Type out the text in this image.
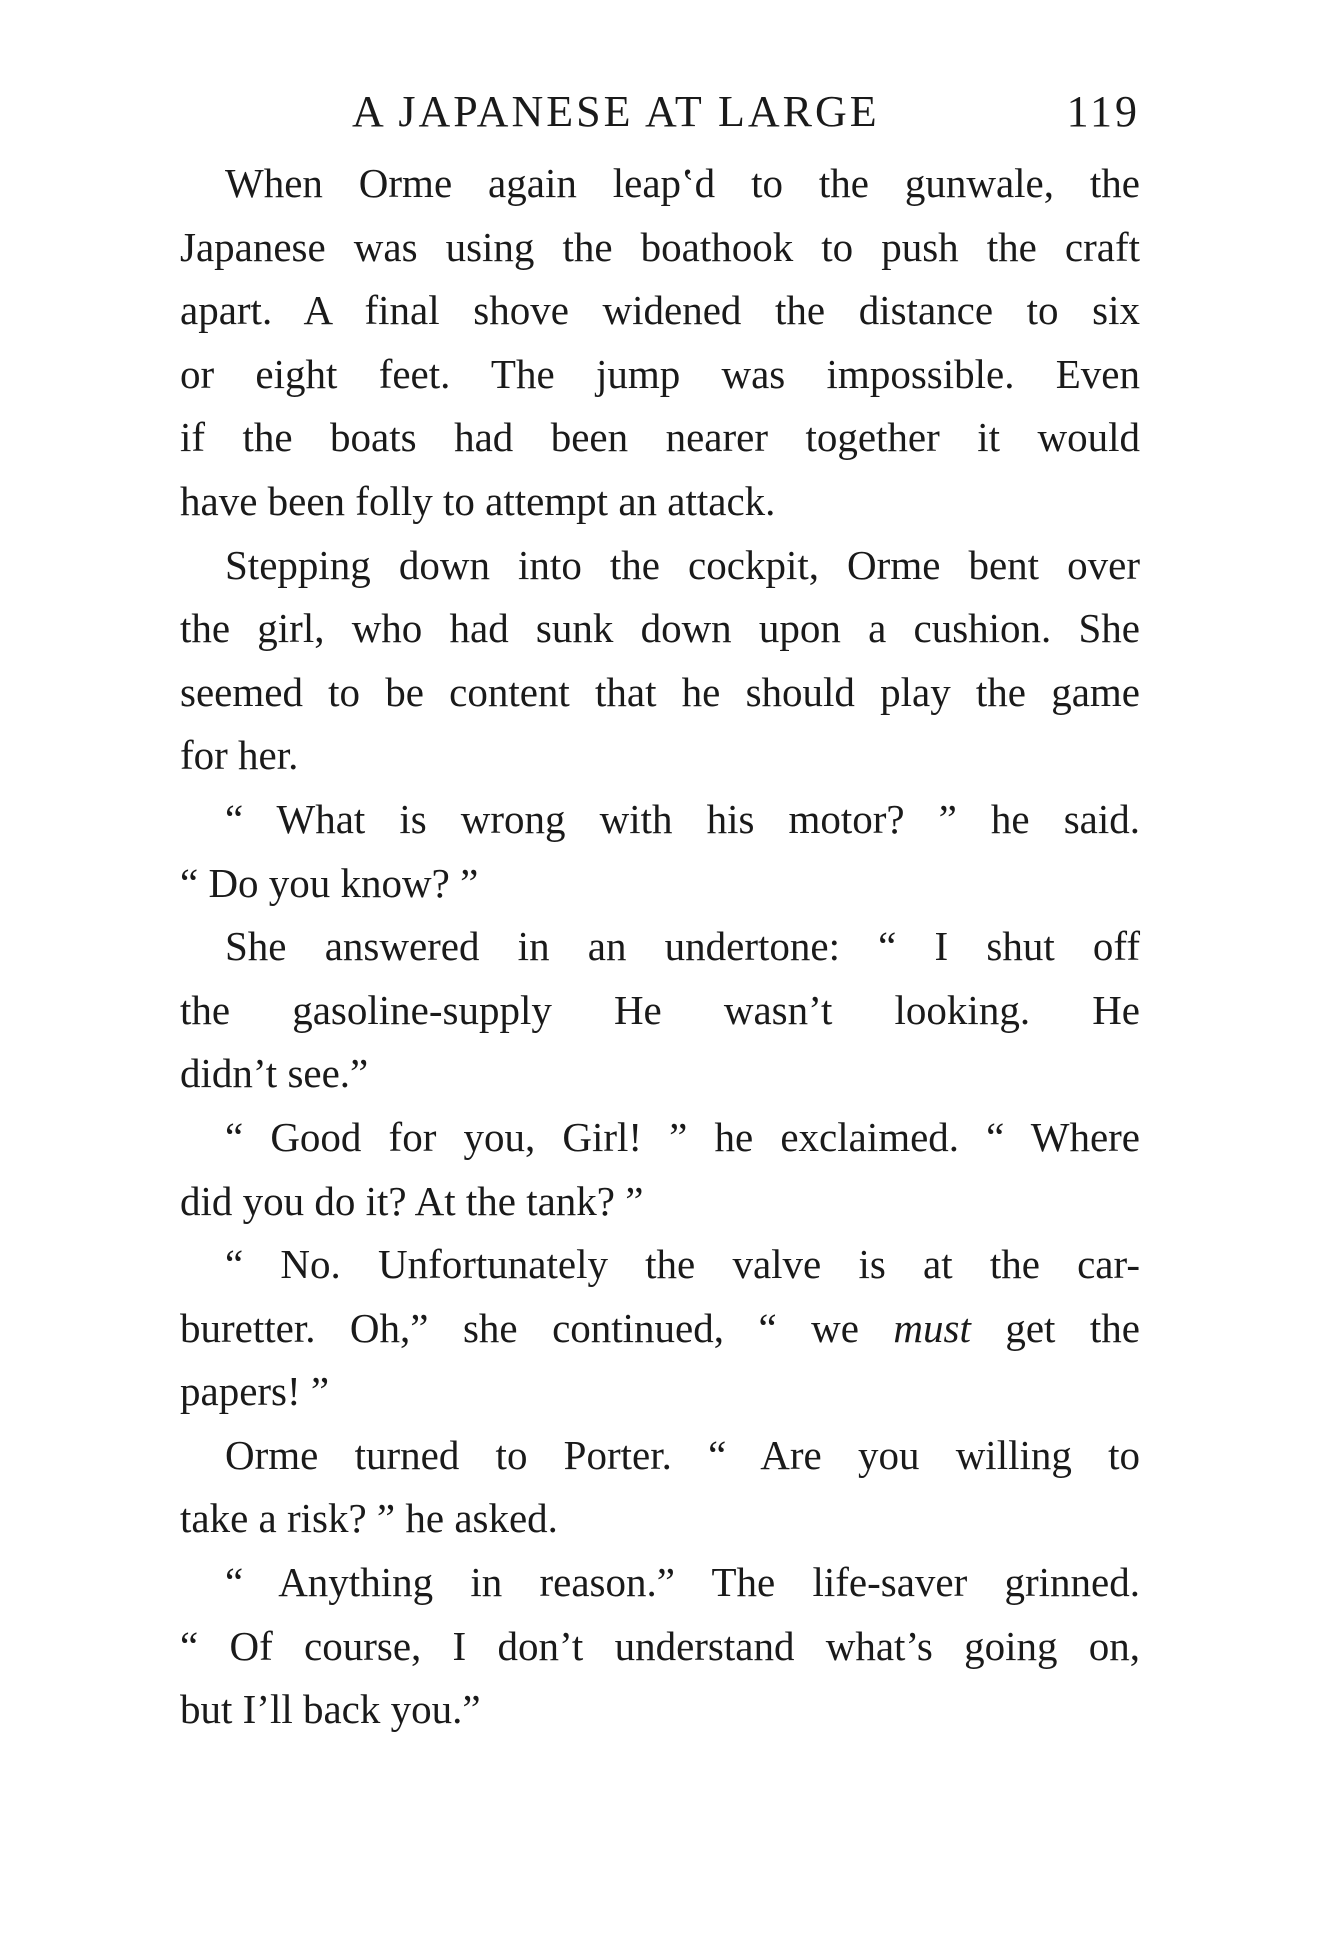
A JAPANESE AT LARGE	119
When Orme again leapʽd to the gunwale, the
Japanese was using the boathook to push the craft
apart. A final shove widened the distance to six
or eight feet. The jump was impossible. Even
if the boats had been nearer together it would
have been folly to attempt an attack.
Stepping down into the cockpit, Orme bent over
the girl, who had sunk down upon a cushion. She
seemed to be content that he should play the game
for her.
“ What is wrong with his motor? ” he said.
“ Do you know? ”
She answered in an undertone: “ I shut off
the gasoline-supply He wasn’t looking. He
didn’t see.”
“ Good for you, Girl! ” he exclaimed. “ Where
did you do it? At the tank? ”
“ No. Unfortunately the valve is at the car-
buretter. Oh,” she continued, “ we must get the
papers! ”
Orme turned to Porter. “ Are you willing to
take a risk? ” he asked.
“ Anything in reason.” The life-saver grinned.
“ Of course, I don’t understand what’s going on,
but I’ll back you.”
